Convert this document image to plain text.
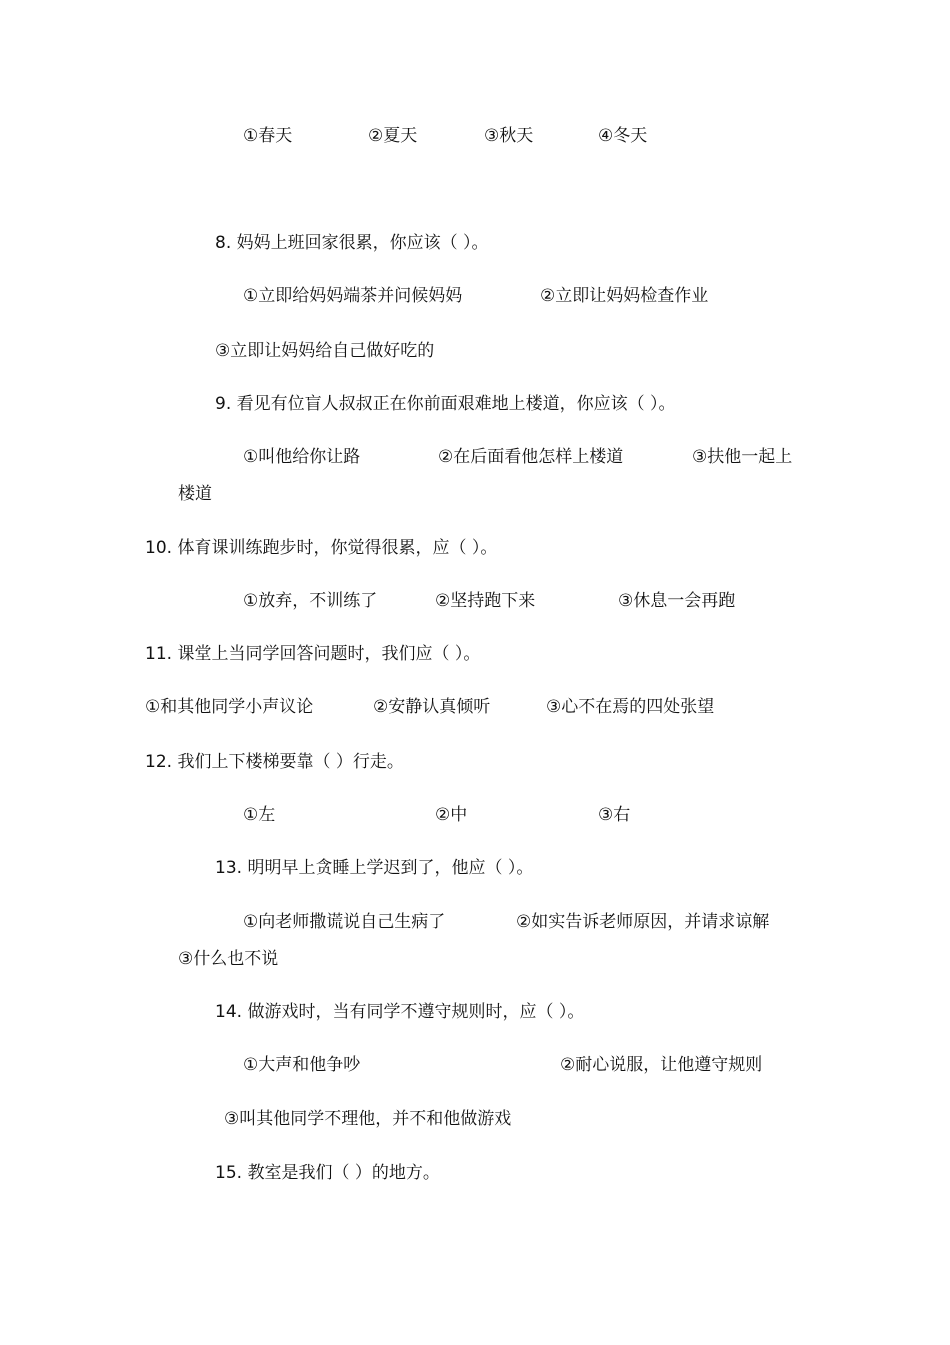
①春天	②夏天	③秋天	④冬天
8. 妈妈上班回家很累，你应该（ ）。
①立即给妈妈端茶并问候妈妈	②立即让妈妈检查作业
③立即让妈妈给自己做好吃的
9. 看见有位盲人叔叔正在你前面艰难地上楼道，你应该（ ）。
①叫他给你让路	②在后面看他怎样上楼道	③扶他一起上
楼道
10. 体育课训练跑步时，你觉得很累，应（ ）。
①放弃，不训练了	②坚持跑下来	③休息一会再跑
11. 课堂上当同学回答问题时，我们应（ ）。
①和其他同学小声议论	②安静认真倾听	③心不在焉的四处张望
12. 我们上下楼梯要靠（ ）行走。
①左	②中	③右
13. 明明早上贪睡上学迟到了，他应（ ）。
①向老师撒谎说自己生病了	②如实告诉老师原因，并请求谅解
③什么也不说
14. 做游戏时，当有同学不遵守规则时，应（ ）。
①大声和他争吵	②耐心说服，让他遵守规则
③叫其他同学不理他，并不和他做游戏
15. 教室是我们（ ）的地方。
